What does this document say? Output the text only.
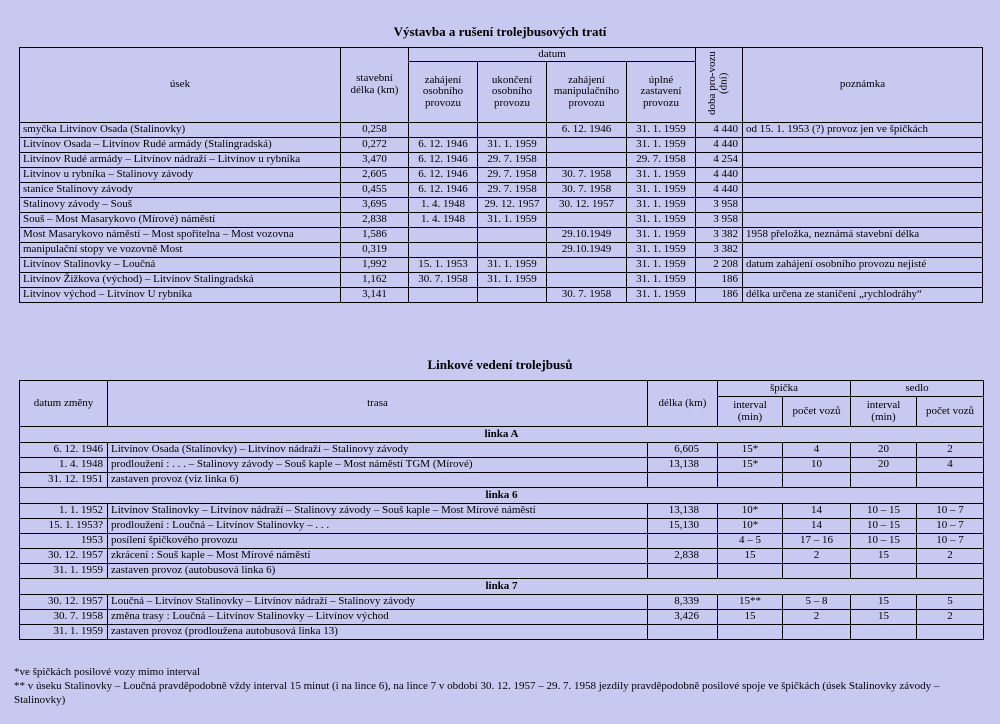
Výstavba a rušení trolejbusových tratí
úsek	stavební délka (km)	datum				doba pro-vozu (dní)	poznámka
		zahájení osobního provozu	ukončení osobního provozu	zahájení manipulačního provozu	úplné zastavení provozu		
smyčka Litvínov Osada (Stalinovky)	0,258			6. 12. 1946	31. 1. 1959	4 440	od 15. 1. 1953 (?) provoz jen ve špičkách
Litvínov Osada – Litvínov Rudé armády (Stalingradská)	0,272	6. 12. 1946	31. 1. 1959		31. 1. 1959	4 440	
Litvínov Rudé armády – Litvínov nádraží – Litvínov u rybníka	3,470	6. 12. 1946	29. 7. 1958		29. 7. 1958	4 254	
Litvínov u rybníka – Stalinovy závody	2,605	6. 12. 1946	29. 7. 1958	30. 7. 1958	31. 1. 1959	4 440	
stanice Stalinovy závody	0,455	6. 12. 1946	29. 7. 1958	30. 7. 1958	31. 1. 1959	4 440	
Stalinovy závody – Souš	3,695	1. 4. 1948	29. 12. 1957	30. 12. 1957	31. 1. 1959	3 958	
Souš – Most Masarykovo (Mírové) náměstí	2,838	1. 4. 1948	31. 1. 1959		31. 1. 1959	3 958	
Most Masarykovo náměstí – Most spořitelna – Most vozovna	1,586			29.10.1949	31. 1. 1959	3 382	1958 přeložka, neznámá stavební délka
manipulační stopy ve vozovně Most	0,319			29.10.1949	31. 1. 1959	3 382	
Litvínov Stalinovky – Loučná	1,992	15. 1. 1953	31. 1. 1959		31. 1. 1959	2 208	datum zahájení osobního provozu nejisté
Litvínov Žižkova (východ) – Litvínov Stalingradská	1,162	30. 7. 1958	31. 1. 1959		31. 1. 1959	186	
Litvínov východ – Litvínov U rybníka	3,141			30. 7. 1958	31. 1. 1959	186	délka určena ze staničení „rychlodráhy“
Linkové vedení trolejbusů
datum změny	trasa	délka (km)	špička		sedlo	
			interval (min)	počet vozů	interval (min)	počet vozů
linka A						
6. 12. 1946	Litvínov Osada (Stalinovky) – Litvínov nádraží – Stalinovy závody	6,605	15*	4	20	2
1. 4. 1948	prodloužení : . . . – Stalinovy závody – Souš kaple – Most náměstí TGM (Mírové)	13,138	15*	10	20	4
31. 12. 1951	zastaven provoz (viz linka 6)					
linka 6						
1. 1. 1952	Litvínov Stalinovky – Litvínov nádraží – Stalinovy závody – Souš kaple – Most Mírové náměstí	13,138	10*	14	10 – 15	10 – 7
15. 1. 1953?	prodloužení : Loučná – Litvínov Stalinovky – . . .	15,130	10*	14	10 – 15	10 – 7
1953	posílení špičkového provozu		4 – 5	17 – 16	10 – 15	10 – 7
30. 12. 1957	zkrácení : Souš kaple – Most Mírové náměstí	2,838	15	2	15	2
31. 1. 1959	zastaven provoz (autobusová linka 6)					
linka 7						
30. 12. 1957	Loučná – Litvínov Stalinovky – Litvínov nádraží – Stalinovy závody	8,339	15**	5 – 8	15	5
30. 7. 1958	změna trasy : Loučná – Litvínov Stalinovky – Litvínov východ	3,426	15	2	15	2
31. 1. 1959	zastaven provoz (prodloužena autobusová linka 13)					

*ve špičkách posilové vozy mimo interval

** v úseku Stalinovky – Loučná pravděpodobně vždy interval 15 minut (i na lince 6), na lince 7 v období 30. 12. 1957 – 29. 7. 1958 jezdily pravděpodobně posilové spoje ve špičkách (úsek Stalinovky závody – Stalinovky)
